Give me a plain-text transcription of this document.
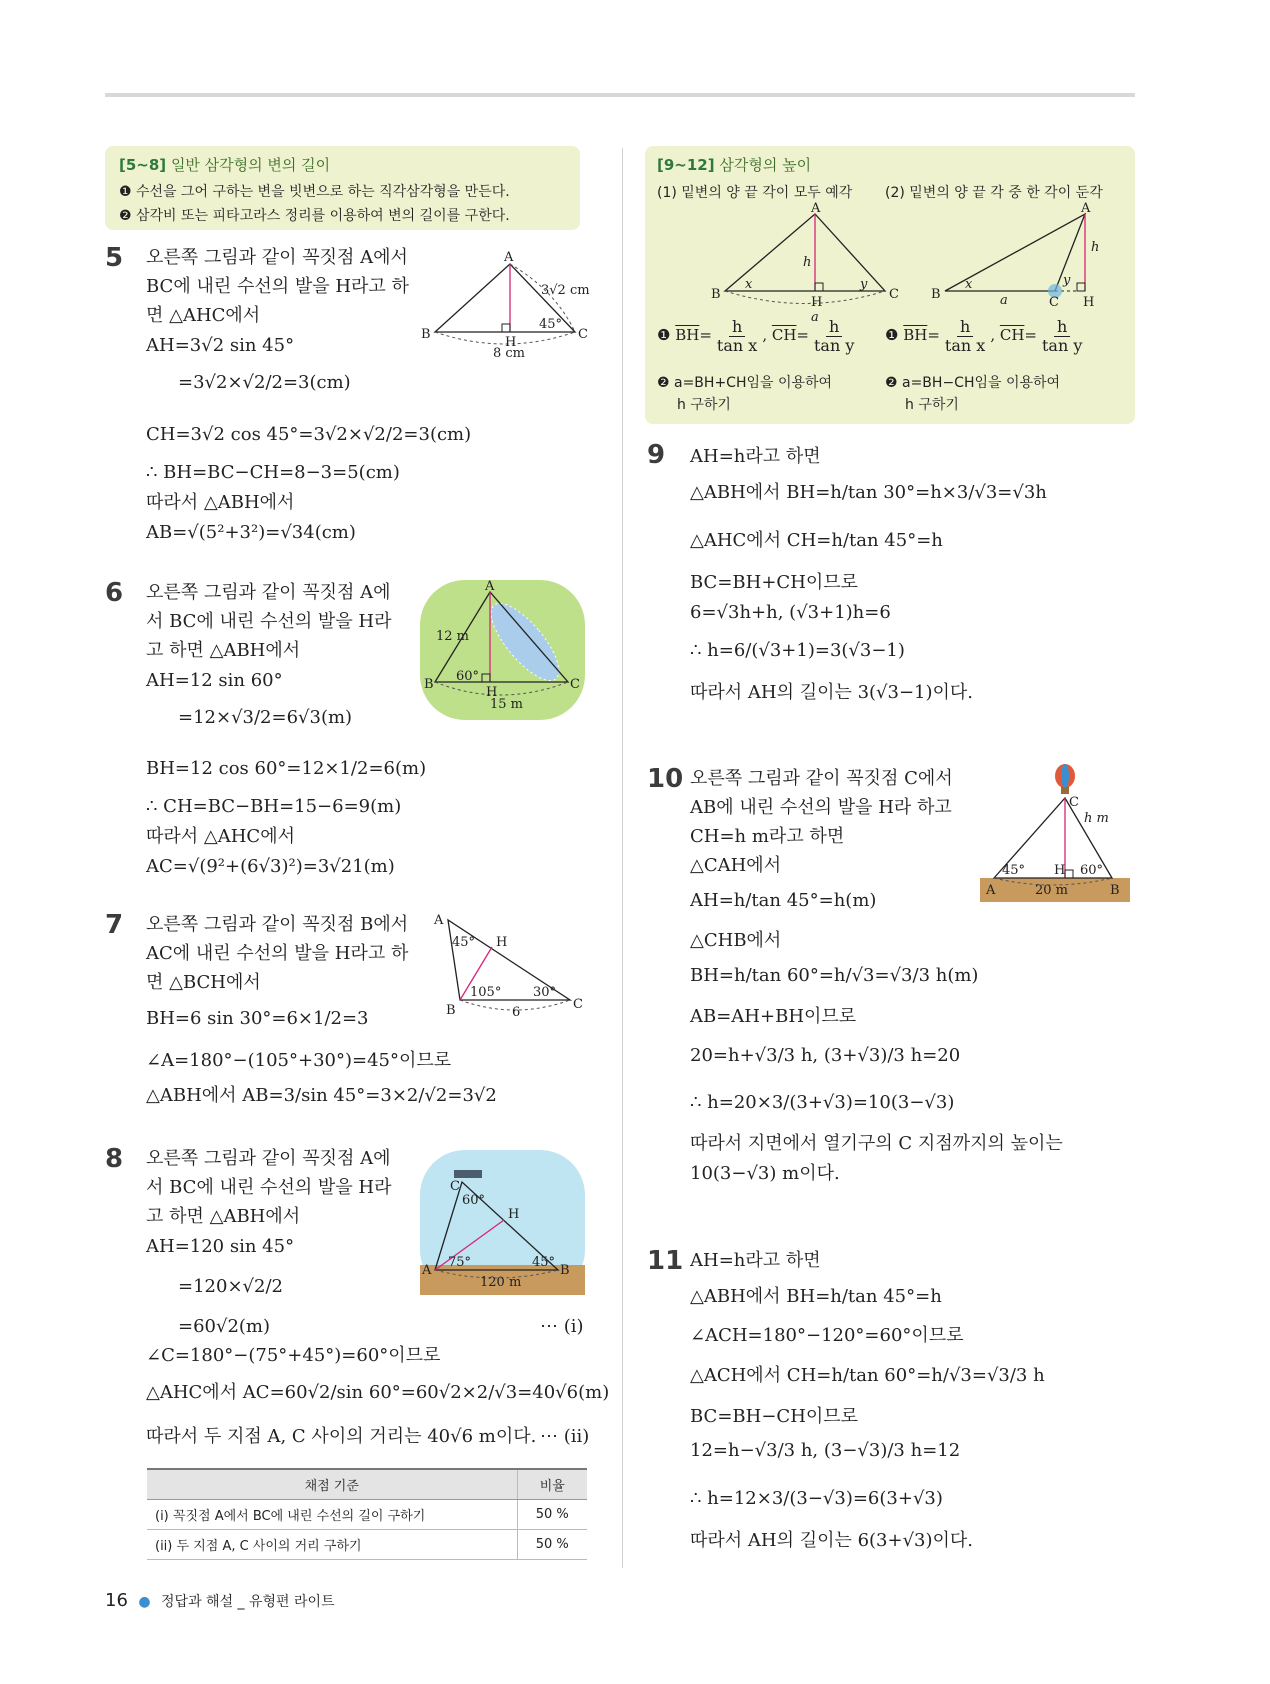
[5~8] 일반 삼각형의 변의 길이
❶ 수선을 그어 구하는 변을 빗변으로 하는 직각삼각형을 만든다.
❷ 삼각비 또는 피타고라스 정리를 이용하여 변의 길이를 구한다.
[9~12] 삼각형의 높이
(1) 밑변의 양 끝 각이 모두 예각 (2) 밑변의 양 끝 각 중 한 각이 둔각
A
B	C
H
h
x	y
a
A
B
C H
h
x	y
a
❶ $\overline{BH}= \frac{h}{\text{tan x}}$ , $\overline{CH}= \frac{h}{\text{tan y}}$ ❶ $\overline{BH}= \frac{h}{\text{tan x}}$ , $\overline{CH}= \frac{h}{\text{tan y}}$
❷ a=BH+CH임을 이용하여
h 구하기
❷ a=BH−CH임을 이용하여
h 구하기
5 오른쪽 그림과 같이 꼭짓점 A에서
BC에 내린 수선의 발을 H라고 하
면 △AHC에서
AH=3√2 sin 45°
=3√2×√2/2=3(cm)
CH=3√2 cos 45°=3√2×√2/2=3(cm)
∴ BH=BC−CH=8−3=5(cm)
따라서 △ABH에서
AB=√(5²+3²)=√34(cm)
A
B	C
H
3√2 cm
45°
8 cm
6 오른쪽 그림과 같이 꼭짓점 A에
서 BC에 내린 수선의 발을 H라
고 하면 △ABH에서
AH=12 sin 60°
=12×√3/2=6√3(m)
BH=12 cos 60°=12×1/2=6(m)
∴ CH=BC−BH=15−6=9(m)
따라서 △AHC에서
AC=√(9²+(6√3)²)=3√21(m)
A
B	C
H
12 m
60°
15 m
7 오른쪽 그림과 같이 꼭짓점 B에서
AC에 내린 수선의 발을 H라고 하
면 △BCH에서
BH=6 sin 30°=6×1/2=3
∠A=180°−(105°+30°)=45°이므로
△ABH에서 AB=3/sin 45°=3×2/√2=3√2
A
B	C
H
45°
105° 30°
6
8 오른쪽 그림과 같이 꼭짓점 A에
서 BC에 내린 수선의 발을 H라
고 하면 △ABH에서
AH=120 sin 45°
=120×√2/2
=60√2(m)	⋯ (i)
∠C=180°−(75°+45°)=60°이므로
△AHC에서 AC=60√2/sin 60°=60√2×2/√3=40√6(m)
따라서 두 지점 A, C 사이의 거리는 40√6 m이다. ⋯ (ii)
A	B
C
H
60°
75°	45°
120 m
채점 기준	비율
(i) 꼭짓점 A에서 BC에 내린 수선의 길이 구하기	50 %
(ii) 두 지점 A, C 사이의 거리 구하기	50 %
9 AH=h라고 하면
△ABH에서 BH=h/tan 30°=h×3/√3=√3h
△AHC에서 CH=h/tan 45°=h
BC=BH+CH이므로
6=√3h+h, (√3+1)h=6
∴ h=6/(√3+1)=3(√3−1)
따라서 AH의 길이는 3(√3−1)이다.
10 오른쪽 그림과 같이 꼭짓점 C에서
AB에 내린 수선의 발을 H라 하고
CH=h m라고 하면
△CAH에서
AH=h/tan 45°=h(m)
△CHB에서
BH=h/tan 60°=h/√3=√3/3 h(m)
AB=AH+BH이므로
20=h+√3/3 h, (3+√3)/3 h=20
∴ h=20×3/(3+√3)=10(3−√3)
따라서 지면에서 열기구의 C 지점까지의 높이는
10(3−√3) m이다.
C
h m
A	B
H
45°	60°
20 m
11 AH=h라고 하면
△ABH에서 BH=h/tan 45°=h
∠ACH=180°−120°=60°이므로
△ACH에서 CH=h/tan 60°=h/√3=√3/3 h
BC=BH−CH이므로
12=h−√3/3 h, (3−√3)/3 h=12
∴ h=12×3/(3−√3)=6(3+√3)
따라서 AH의 길이는 6(3+√3)이다.
16 ● 정답과 해설 _ 유형편 라이트
